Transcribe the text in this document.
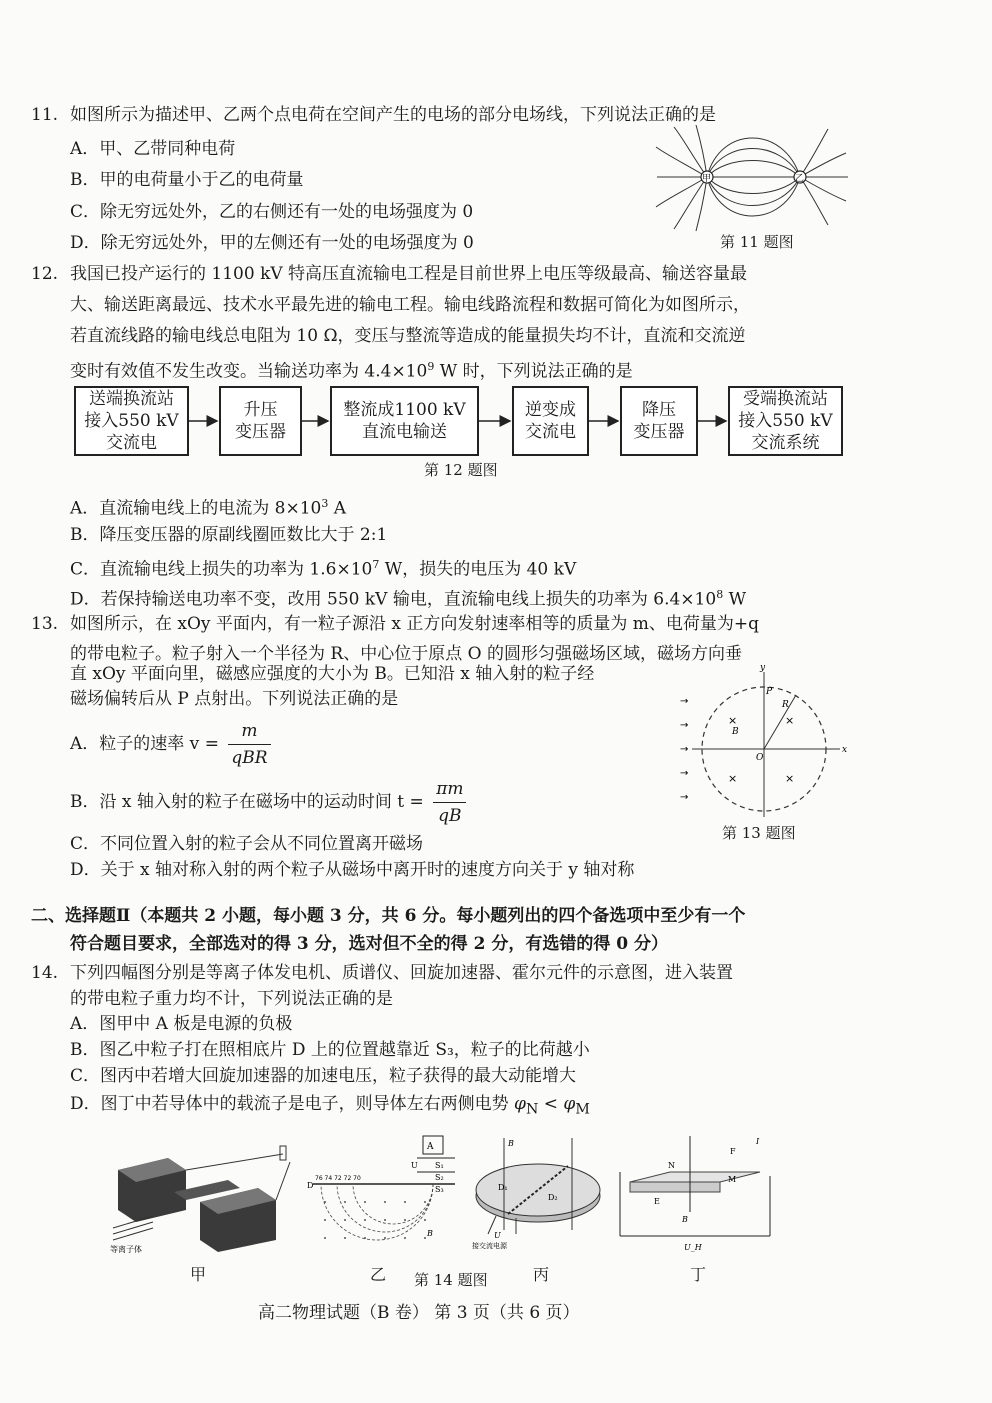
11. 如图所示为描述甲、乙两个点电荷在空间产生的电场的部分电场线，下列说法正确的是
A．甲、乙带同种电荷
B．甲的电荷量小于乙的电荷量
C．除无穷远处外，乙的右侧还有一处的电场强度为 0
D．除无穷远处外，甲的左侧还有一处的电场强度为 0
甲	乙
第 11 题图
12. 我国已投产运行的 1100 kV 特高压直流输电工程是目前世界上电压等级最高、输送容量最
大、输送距离最远、技术水平最先进的输电工程。输电线路流程和数据可简化为如图所示，
若直流线路的输电线总电阻为 10 Ω，变压与整流等造成的能量损失均不计，直流和交流逆
变时有效值不发生改变。当输送功率为 $4.4\times 10^9$ W 时，下列说法正确的是
送端换流站
接入550 kV
交流电
升压
变压器
整流成1100 kV
直流电输送
逆变成
交流电
降压
变压器
受端换流站
接入550 kV
交流系统
第 12 题图
A．直流输电线上的电流为 $8\times 10^3$ A
B．降压变压器的原副线圈匝数比大于 2:1
C．直流输电线上损失的功率为 $1.6\times 10^7$ W，损失的电压为 40 kV
D．若保持输送电功率不变，改用 550 kV 输电，直流输电线上损失的功率为 $6.4\times 10^8$ W
13. 如图所示，在 xOy 平面内，有一粒子源沿 x 正方向发射速率相等的质量为 m、电荷量为+q
的带电粒子。粒子射入一个半径为 R、中心位于原点 O 的圆形匀强磁场区域，磁场方向垂
直 xOy 平面向里，磁感应强度的大小为 B。已知沿 x 轴入射的粒子经
磁场偏转后从 P 点射出。下列说法正确的是
A．粒子的速率 $v = \frac{m}{\text{qBR}}$
B．沿 x 轴入射的粒子在磁场中的运动时间 $t = \frac{\pi m}{qB}$
C．不同位置入射的粒子会从不同位置离开磁场
D．关于 x 轴对称入射的两个粒子从磁场中离开时的速度方向关于 y 轴对称
y
x
P
R
B
O
×	×
×	×
→
→
→
→
→
第 13 题图
二、选择题Ⅱ（本题共 2 小题，每小题 3 分，共 6 分。每小题列出的四个备选项中至少有一个
符合题目要求，全部选对的得 3 分，选对但不全的得 2 分，有选错的得 0 分）
14. 下列四幅图分别是等离子体发电机、质谱仪、回旋加速器、霍尔元件的示意图，进入装置
的带电粒子重力均不计，下列说法正确的是
A．图甲中 A 板是电源的负极
B．图乙中粒子打在照相底片 D 上的位置越靠近 S₃，粒子的比荷越小
C．图丙中若增大回旋加速器的加速电压，粒子获得的最大动能增大
D．图丁中若导体中的载流子是电子，则导体左右两侧电势 $\varphi_N < \varphi_M$
等离子体
A
U S₁
S₂
S₃
D
76 74 72 72 70
B
B
D₁
D₂
U
接交流电源
N
M
E
F
I
B
U_H
甲	乙 第 14 题图	丙	丁
高二物理试题（B 卷） 第 3 页（共 6 页）
